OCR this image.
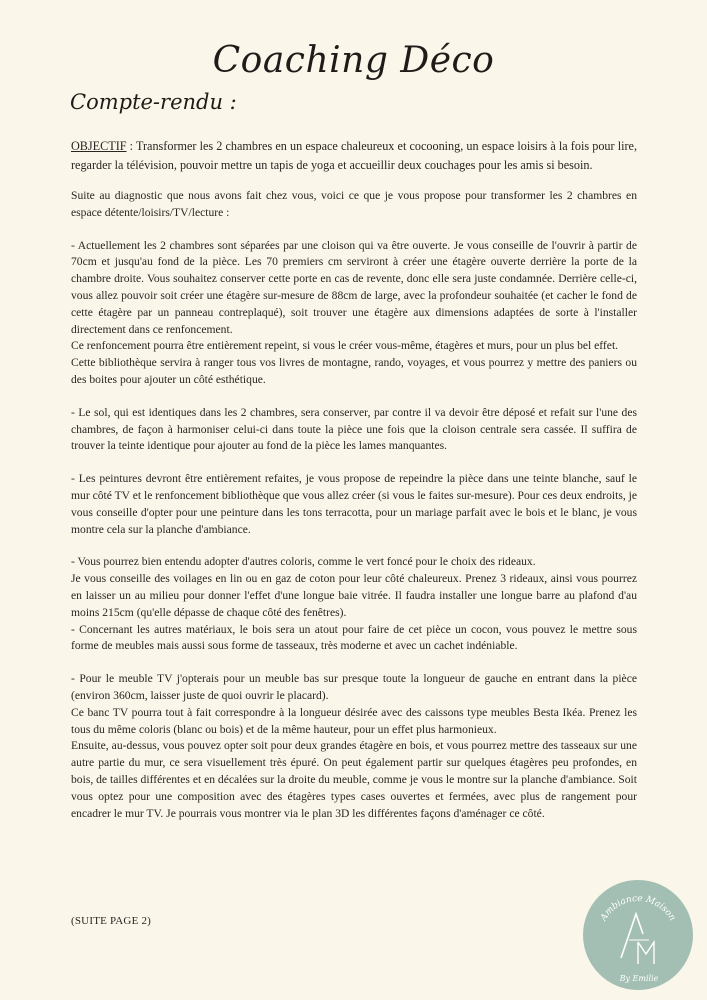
Coaching Déco
Compte-rendu :

OBJECTIF : Transformer les 2 chambres en un espace chaleureux et cocooning, un espace loisirs à la fois pour lire, regarder la télévision, pouvoir mettre un tapis de yoga et accueillir deux couchages pour les amis si besoin.

Suite au diagnostic que nous avons fait chez vous, voici ce que je vous propose pour transformer les 2 chambres en espace détente/loisirs/TV/lecture :

- Actuellement les 2 chambres sont séparées par une cloison qui va être ouverte. Je vous conseille de l'ouvrir à partir de 70cm et jusqu'au fond de la pièce. Les 70 premiers cm serviront à créer une étagère ouverte derrière la porte de la chambre droite. Vous souhaitez conserver cette porte en cas de revente, donc elle sera juste condamnée. Derrière celle-ci, vous allez pouvoir soit créer une étagère sur-mesure de 88cm de large, avec la profondeur souhaitée (et cacher le fond de cette étagère par un panneau contreplaqué), soit trouver une étagère aux dimensions adaptées de sorte à l'installer directement dans ce renfoncement.

Ce renfoncement pourra être entièrement repeint, si vous le créer vous-même, étagères et murs, pour un plus bel effet.

Cette bibliothèque servira à ranger tous vos livres de montagne, rando, voyages, et vous pourrez y mettre des paniers ou des boites pour ajouter un côté esthétique.

- Le sol, qui est identiques dans les 2 chambres, sera conserver, par contre il va devoir être déposé et refait sur l'une des chambres, de façon à harmoniser celui-ci dans toute la pièce une fois que la cloison centrale sera cassée. Il suffira de trouver la teinte identique pour ajouter au fond de la pièce les lames manquantes.

- Les peintures devront être entièrement refaites, je vous propose de repeindre la pièce dans une teinte blanche, sauf le mur côté TV et le renfoncement bibliothèque que vous allez créer (si vous le faites sur-mesure). Pour ces deux endroits, je vous conseille d'opter pour une peinture dans les tons terracotta, pour un mariage parfait avec le bois et le blanc, je vous montre cela sur la planche d'ambiance.

- Vous pourrez bien entendu adopter d'autres coloris, comme le vert foncé pour le choix des rideaux.

Je vous conseille des voilages en lin ou en gaz de coton pour leur côté chaleureux. Prenez 3 rideaux, ainsi vous pourrez en laisser un au milieu pour donner l'effet d'une longue baie vitrée. Il faudra installer une longue barre au plafond d'au moins 215cm (qu'elle dépasse de chaque côté des fenêtres).

- Concernant les autres matériaux, le bois sera un atout pour faire de cet pièce un cocon, vous pouvez le mettre sous forme de meubles mais aussi sous forme de tasseaux, très moderne et avec un cachet indéniable.

- Pour le meuble TV j'opterais pour un meuble bas sur presque toute la longueur de gauche en entrant dans la pièce (environ 360cm, laisser juste de quoi ouvrir le placard).

Ce banc TV pourra tout à fait correspondre à la longueur désirée avec des caissons type meubles Besta Ikéa. Prenez les tous du même coloris (blanc ou bois) et de la même hauteur, pour un effet plus harmonieux.

Ensuite, au-dessus, vous pouvez opter soit pour deux grandes étagère en bois, et vous pourrez mettre des tasseaux sur une autre partie du mur, ce sera visuellement très épuré. On peut également partir sur quelques étagères peu profondes, en bois, de tailles différentes et en décalées sur la droite du meuble, comme je vous le montre sur la planche d'ambiance. Soit vous optez pour une composition avec des étagères types cases ouvertes et fermées, avec plus de rangement pour encadrer le mur TV. Je pourrais vous montrer via le plan 3D les différentes façons d'aménager ce côté.

(SUITE PAGE 2)	Ambiance Maison
By Emilie
